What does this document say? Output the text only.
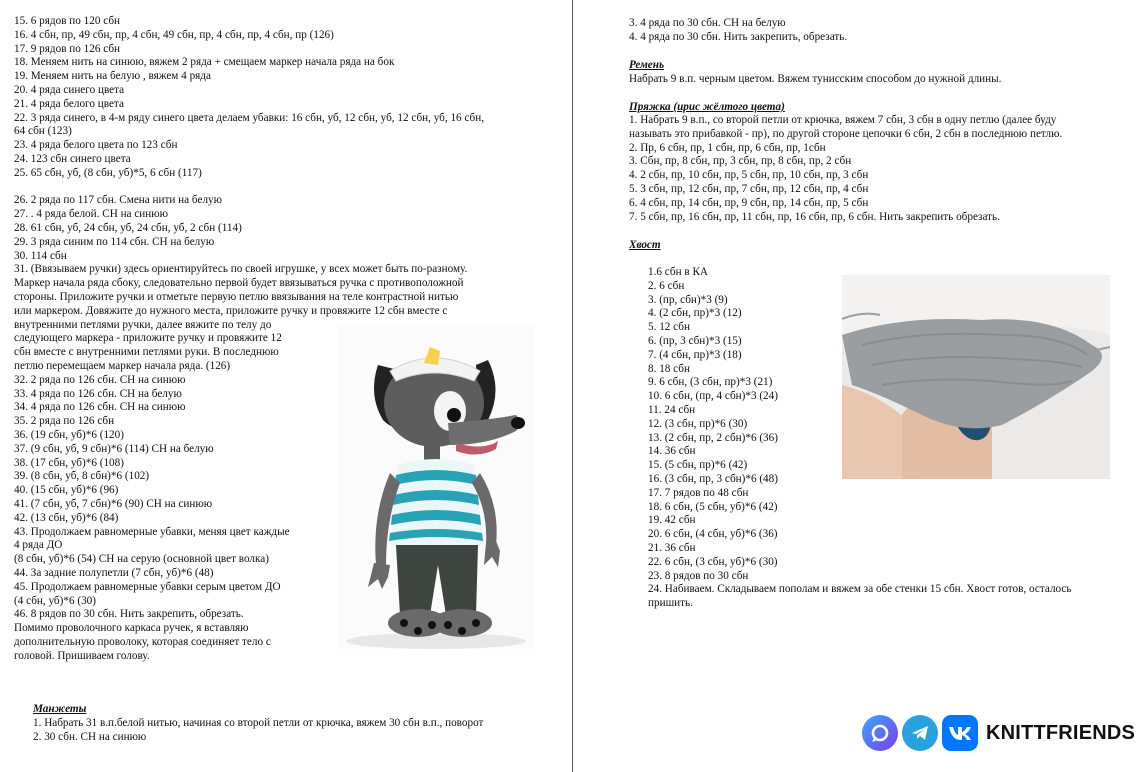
15. 6 рядов по 120 сбн
16. 4 сбн, пр, 49 сбн, пр, 4 сбн, 49 сбн, пр, 4 сбн, пр, 4 сбн, пр (126)
17. 9 рядов по 126 сбн
18. Меняем нить на синюю, вяжем 2 ряда + смещаем маркер начала ряда на бок
19. Меняем нить на белую , вяжем 4 ряда
20. 4 ряда синего цвета
21. 4 ряда белого цвета
22. 3 ряда синего, в 4-м ряду синего цвета делаем убавки: 16 сбн, уб, 12 сбн, уб, 12 сбн, уб, 16 сбн,
64 сбн (123)
23. 4 ряда белого цвета по 123 сбн
24. 123 сбн синего цвета
25. 65 сбн, уб, (8 сбн, уб)*5, 6 сбн (117)
26. 2 ряда по 117 сбн. Смена нити на белую
27. . 4 ряда белой. СН на синюю
28. 61 сбн, уб, 24 сбн, уб, 24 сбн, уб, 2 сбн (114)
29. 3 ряда синим по 114 сбн. СН на белую
30. 114 сбн
31. (Ввязываем ручки) здесь ориентируйтесь по своей игрушке, у всех может быть по-разному.
Маркер начала ряда сбоку, следовательно первой будет ввязываться ручка с противоположной
стороны. Приложите ручки и отметьте первую петлю ввязывания на теле контрастной нитью
или маркером. Довяжите до нужного места, приложите ручку и провяжите 12 сбн вместе с
внутренними петлями ручки, далее вяжите по телу до
следующего маркера - приложите ручку и провяжите 12
сбн вместе с внутренними петлями руки. В последнюю
петлю перемещаем маркер начала ряда. (126)
32. 2 ряда по 126 сбн. СН на синюю
33. 4 ряда по 126 сбн. СН на белую
34. 4 ряда по 126 сбн. СН на синюю
35. 2 ряда по 126 сбн
36. (19 сбн, уб)*6 (120)
37. (9 сбн, уб, 9 сбн)*6 (114) СН на белую
38. (17 сбн, уб)*6 (108)
39. (8 сбн, уб, 8 сбн)*6 (102)
40. (15 сбн, уб)*6 (96)
41. (7 сбн, уб, 7 сбн)*6 (90) СН на синюю
42. (13 сбн, уб)*6 (84)
43. Продолжаем равномерные убавки, меняя цвет каждые
4 ряда ДО
(8 сбн, уб)*6 (54) СН на серую (основной цвет волка)
44. За задние полупетли (7 сбн, уб)*6 (48)
45. Продолжаем равномерные убавки серым цветом ДО
(4 сбн, уб)*6 (30)
46. 8 рядов по 30 сбн. Нить закрепить, обрезать.
Помимо проволочного каркаса ручек, я вставляю
дополнительную проволоку, которая соединяет тело с
головой. Пришиваем голову.
Манжеты
1. Набрать 31 в.п.белой нитью, начиная со второй петли от крючка, вяжем 30 сбн в.п., поворот
2. 30 сбн. СН на синюю
3. 4 ряда по 30 сбн. СН на белую
4. 4 ряда по 30 сбн. Нить закрепить, обрезать.
Ремень
Набрать 9 в.п. черным цветом. Вяжем тунисским способом до нужной длины.
Пряжка (ирис жёлтого цвета)
1. Набрать 9 в.п., со второй петли от крючка, вяжем 7 сбн, 3 сбн в одну петлю (далее буду
называть это прибавкой - пр), по другой стороне цепочки 6 сбн, 2 сбн в последнюю петлю.
2. Пр, 6 сбн, пр, 1 сбн, пр, 6 сбн, пр, 1сбн
3. Сбн, пр, 8 сбн, пр, 3 сбн, пр, 8 сбн, пр, 2 сбн
4. 2 сбн, пр, 10 сбн, пр, 5 сбн, пр, 10 сбн, пр, 3 сбн
5. 3 сбн, пр, 12 сбн, пр, 7 сбн, пр, 12 сбн, пр, 4 сбн
6. 4 сбн, пр, 14 сбн, пр, 9 сбн, пр, 14 сбн, пр, 5 сбн
7. 5 сбн, пр, 16 сбн, пр, 11 сбн, пр, 16 сбн, пр, 6 сбн. Нить закрепить обрезать.
Хвост
1.6 сбн в КА
2. 6 сбн
3. (пр, сбн)*3 (9)
4. (2 сбн, пр)*3 (12)
5. 12 сбн
6. (пр, 3 сбн)*3 (15)
7. (4 сбн, пр)*3 (18)
8. 18 сбн
9. 6 сбн, (3 сбн, пр)*3 (21)
10. 6 сбн, (пр, 4 сбн)*3 (24)
11. 24 сбн
12. (3 сбн, пр)*6 (30)
13. (2 сбн, пр, 2 сбн)*6 (36)
14. 36 сбн
15. (5 сбн, пр)*6 (42)
16. (3 сбн, пр, 3 сбн)*6 (48)
17. 7 рядов по 48 сбн
18. 6 сбн, (5 сбн, уб)*6 (42)
19. 42 сбн
20. 6 сбн, (4 сбн, уб)*6 (36)
21. 36 сбн
22. 6 сбн, (3 сбн, уб)*6 (30)
23. 8 рядов по 30 сбн
24. Набиваем. Складываем пополам и вяжем за обе стенки 15 сбн. Хвост готов, осталось
пришить.
KNITTFRIENDS
